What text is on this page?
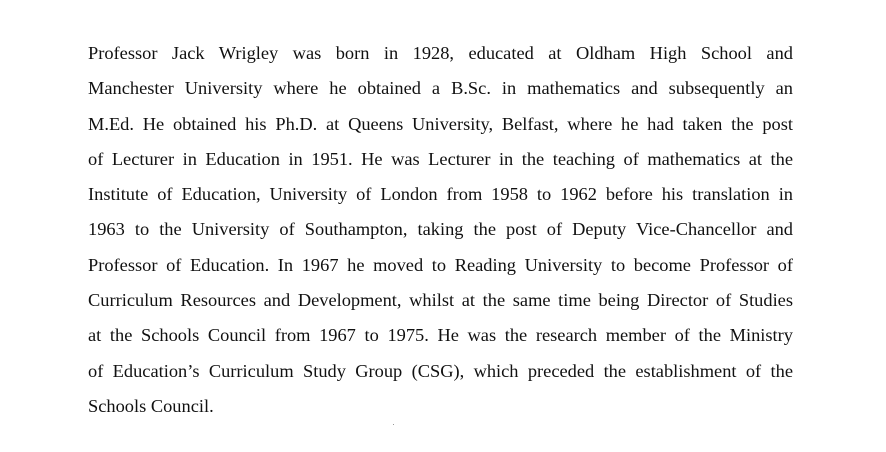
Professor Jack Wrigley was born in 1928, educated at Oldham High School and
Manchester University where he obtained a B.Sc. in mathematics and subsequently an
M.Ed. He obtained his Ph.D. at Queens University, Belfast, where he had taken the post
of Lecturer in Education in 1951. He was Lecturer in the teaching of mathematics at the
Institute of Education, University of London from 1958 to 1962 before his translation in
1963 to the University of Southampton, taking the post of Deputy Vice-Chancellor and
Professor of Education. In 1967 he moved to Reading University to become Professor of
Curriculum Resources and Development, whilst at the same time being Director of Studies
at the Schools Council from 1967 to 1975. He was the research member of the Ministry
of Education’s Curriculum Study Group (CSG), which preceded the establishment of the
Schools Council.
